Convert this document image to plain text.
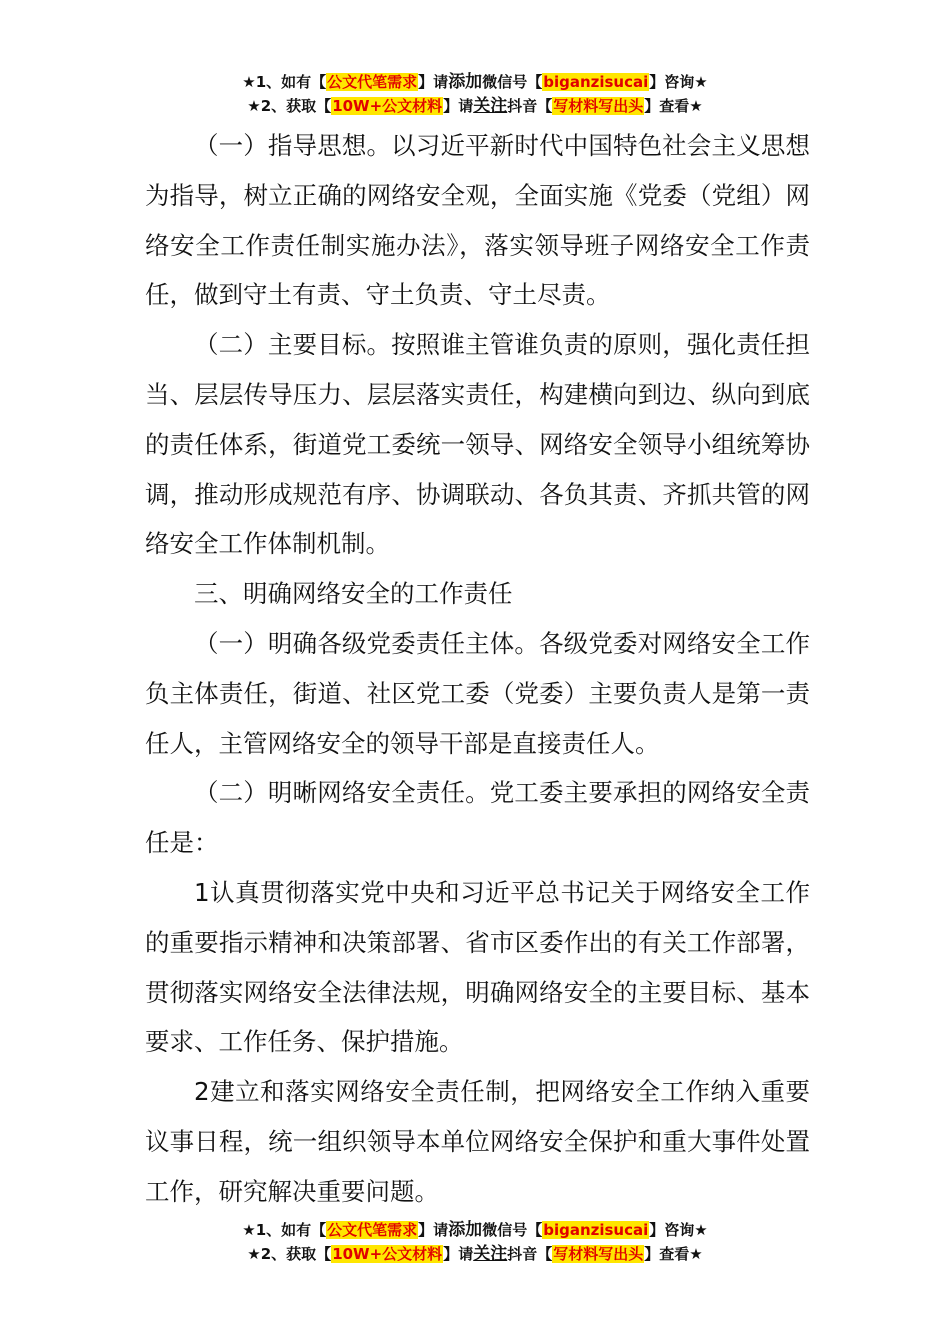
★1、如有【公文代笔需求】请添加微信号【biganzisucai】咨询★
★2、获取【10W+公文材料】请关注抖音【写材料写出头】查看★

（一）指导思想。以习近平新时代中国特色社会主义思想为指导，树立正确的网络安全观，全面实施《党委（党组）网络安全工作责任制实施办法》，落实领导班子网络安全工作责任，做到守土有责、守土负责、守土尽责。

（二）主要目标。按照谁主管谁负责的原则，强化责任担当、层层传导压力、层层落实责任，构建横向到边、纵向到底的责任体系，街道党工委统一领导、网络安全领导小组统筹协调，推动形成规范有序、协调联动、各负其责、齐抓共管的网络安全工作体制机制。

三、明确网络安全的工作责任

（一）明确各级党委责任主体。各级党委对网络安全工作负主体责任，街道、社区党工委（党委）主要负责人是第一责任人，主管网络安全的领导干部是直接责任人。

（二）明晰网络安全责任。党工委主要承担的网络安全责任是：

1认真贯彻落实党中央和习近平总书记关于网络安全工作的重要指示精神和决策部署、省市区委作出的有关工作部署，贯彻落实网络安全法律法规，明确网络安全的主要目标、基本要求、工作任务、保护措施。

2建立和落实网络安全责任制，把网络安全工作纳入重要议事日程，统一组织领导本单位网络安全保护和重大事件处置工作，研究解决重要问题。

★1、如有【公文代笔需求】请添加微信号【biganzisucai】咨询★
★2、获取【10W+公文材料】请关注抖音【写材料写出头】查看★
